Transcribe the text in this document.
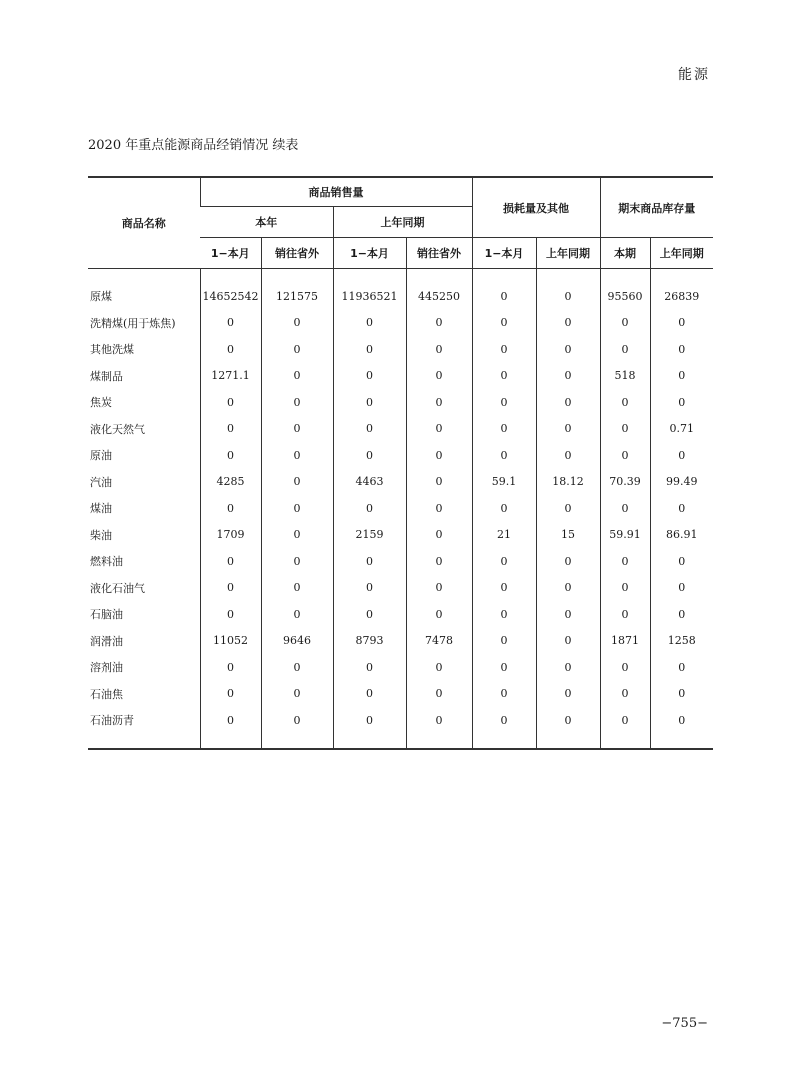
能源
2020 年重点能源商品经销情况 续表
商品名称	商品销售量				损耗量及其他		期末商品库存量	
	本年		上年同期					
	1−本月	销往省外	1−本月	销往省外	1−本月	上年同期	本期	上年同期

原煤	14652542	121575	11936521	445250	0	0	95560	26839
洗精煤(用于炼焦)	0	0	0	0	0	0	0	0
其他洗煤	0	0	0	0	0	0	0	0
煤制品	1271.1	0	0	0	0	0	518	0
焦炭	0	0	0	0	0	0	0	0
液化天然气	0	0	0	0	0	0	0	0.71
原油	0	0	0	0	0	0	0	0
汽油	4285	0	4463	0	59.1	18.12	70.39	99.49
煤油	0	0	0	0	0	0	0	0
柴油	1709	0	2159	0	21	15	59.91	86.91
燃料油	0	0	0	0	0	0	0	0
液化石油气	0	0	0	0	0	0	0	0
石脑油	0	0	0	0	0	0	0	0
润滑油	11052	9646	8793	7478	0	0	1871	1258
溶剂油	0	0	0	0	0	0	0	0
石油焦	0	0	0	0	0	0	0	0
石油沥青	0	0	0	0	0	0	0	0

−755−
